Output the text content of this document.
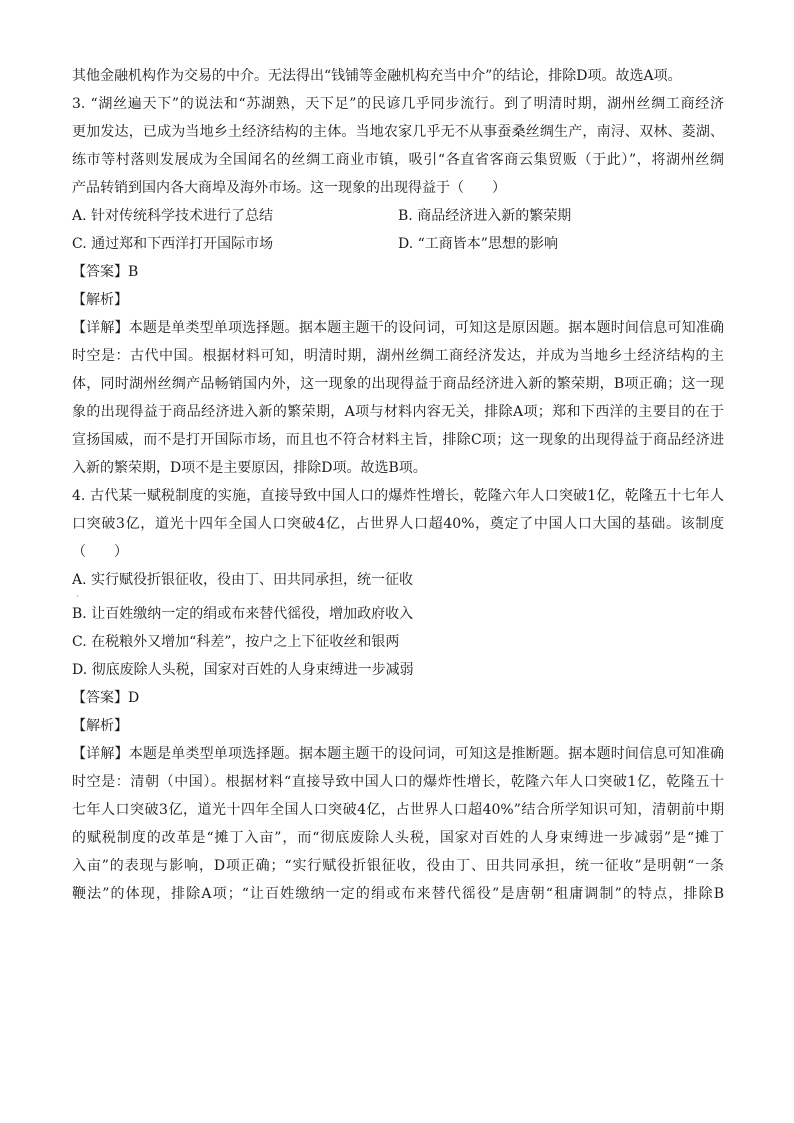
其他金融机构作为交易的中介。无法得出“钱铺等金融机构充当中介”的结论，排除D项。故选A项。
3. “湖丝遍天下”的说法和“苏湖熟，天下足”的民谚几乎同步流行。到了明清时期，湖州丝绸工商经济
更加发达，已成为当地乡土经济结构的主体。当地农家几乎无不从事蚕桑丝绸生产，南浔、双林、菱湖、
练市等村落则发展成为全国闻名的丝绸工商业市镇，吸引“各直省客商云集贸贩（于此）”，将湖州丝绸
产品转销到国内各大商埠及海外市场。这一现象的出现得益于（　　）
A. 针对传统科学技术进行了总结	B. 商品经济进入新的繁荣期
C. 通过郑和下西洋打开国际市场	D. “工商皆本”思想的影响
【答案】B
【解析】
【详解】本题是单类型单项选择题。据本题主题干的设问词，可知这是原因题。据本题时间信息可知准确
时空是：古代中国。根据材料可知，明清时期，湖州丝绸工商经济发达，并成为当地乡土经济结构的主
体，同时湖州丝绸产品畅销国内外，这一现象的出现得益于商品经济进入新的繁荣期，B项正确；这一现
象的出现得益于商品经济进入新的繁荣期，A项与材料内容无关，排除A项；郑和下西洋的主要目的在于
宣扬国威，而不是打开国际市场，而且也不符合材料主旨，排除C项；这一现象的出现得益于商品经济进
入新的繁荣期，D项不是主要原因，排除D项。故选B项。
4. 古代某一赋税制度的实施，直接导致中国人口的爆炸性增长，乾隆六年人口突破1亿，乾隆五十七年人
口突破3亿，道光十四年全国人口突破4亿，占世界人口超40%，奠定了中国人口大国的基础。该制度
（　　）
A. 实行赋役折银征收，役由丁、田共同承担，统一征收
·
B. 让百姓缴纳一定的绢或布来替代徭役，增加政府收入
C. 在税粮外又增加“科差”，按户之上下征收丝和银两
D. 彻底废除人头税，国家对百姓的人身束缚进一步减弱
【答案】D
【解析】
【详解】本题是单类型单项选择题。据本题主题干的设问词，可知这是推断题。据本题时间信息可知准确
时空是：清朝（中国）。根据材料“直接导致中国人口的爆炸性增长，乾隆六年人口突破1亿，乾隆五十
七年人口突破3亿，道光十四年全国人口突破4亿，占世界人口超40%”结合所学知识可知，清朝前中期
的赋税制度的改革是“摊丁入亩”，而“彻底废除人头税，国家对百姓的人身束缚进一步减弱”是“摊丁
入亩”的表现与影响，D项正确；“实行赋役折银征收，役由丁、田共同承担，统一征收”是明朝“一条
鞭法”的体现，排除A项；“让百姓缴纳一定的绢或布来替代徭役”是唐朝“租庸调制”的特点，排除B
